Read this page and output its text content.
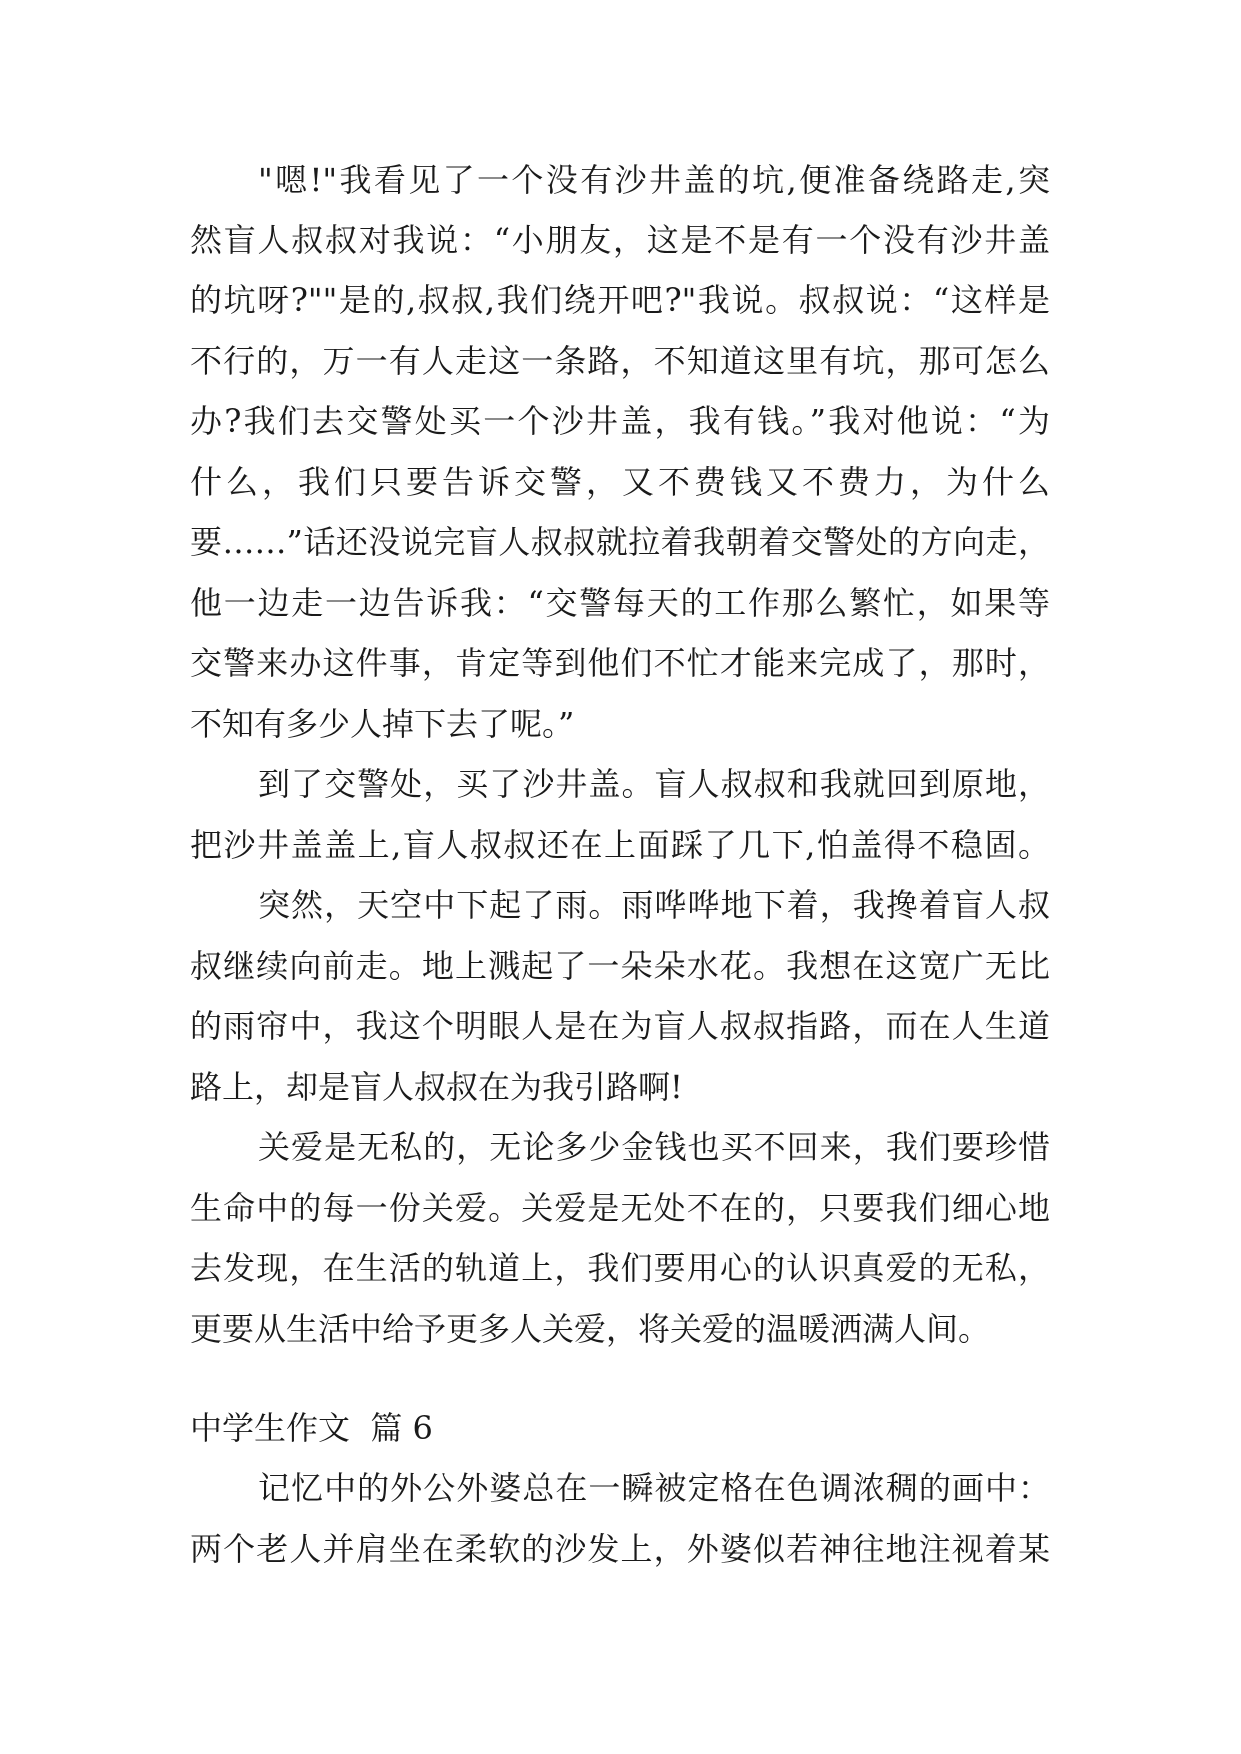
"嗯!"我看见了一个没有沙井盖的坑,便准备绕路走,突
然盲人叔叔对我说：“小朋友，这是不是有一个没有沙井盖
的坑呀?""是的,叔叔,我们绕开吧?"我说。叔叔说：“这样是
不行的，万一有人走这一条路，不知道这里有坑，那可怎么
办?我们去交警处买一个沙井盖，我有钱。”我对他说：“为
什么，我们只要告诉交警，又不费钱又不费力，为什么
要……”话还没说完盲人叔叔就拉着我朝着交警处的方向走，
他一边走一边告诉我：“交警每天的工作那么繁忙，如果等
交警来办这件事，肯定等到他们不忙才能来完成了，那时，
不知有多少人掉下去了呢。”
到了交警处，买了沙井盖。盲人叔叔和我就回到原地，
把沙井盖盖上,盲人叔叔还在上面踩了几下,怕盖得不稳固。
突然，天空中下起了雨。雨哗哗地下着，我搀着盲人叔
叔继续向前走。地上溅起了一朵朵水花。我想在这宽广无比
的雨帘中，我这个明眼人是在为盲人叔叔指路，而在人生道
路上，却是盲人叔叔在为我引路啊!
关爱是无私的，无论多少金钱也买不回来，我们要珍惜
生命中的每一份关爱。关爱是无处不在的，只要我们细心地
去发现，在生活的轨道上，我们要用心的认识真爱的无私，
更要从生活中给予更多人关爱，将关爱的温暖洒满人间。
中学生作文  篇 6
记忆中的外公外婆总在一瞬被定格在色调浓稠的画中：
两个老人并肩坐在柔软的沙发上，外婆似若神往地注视着某
